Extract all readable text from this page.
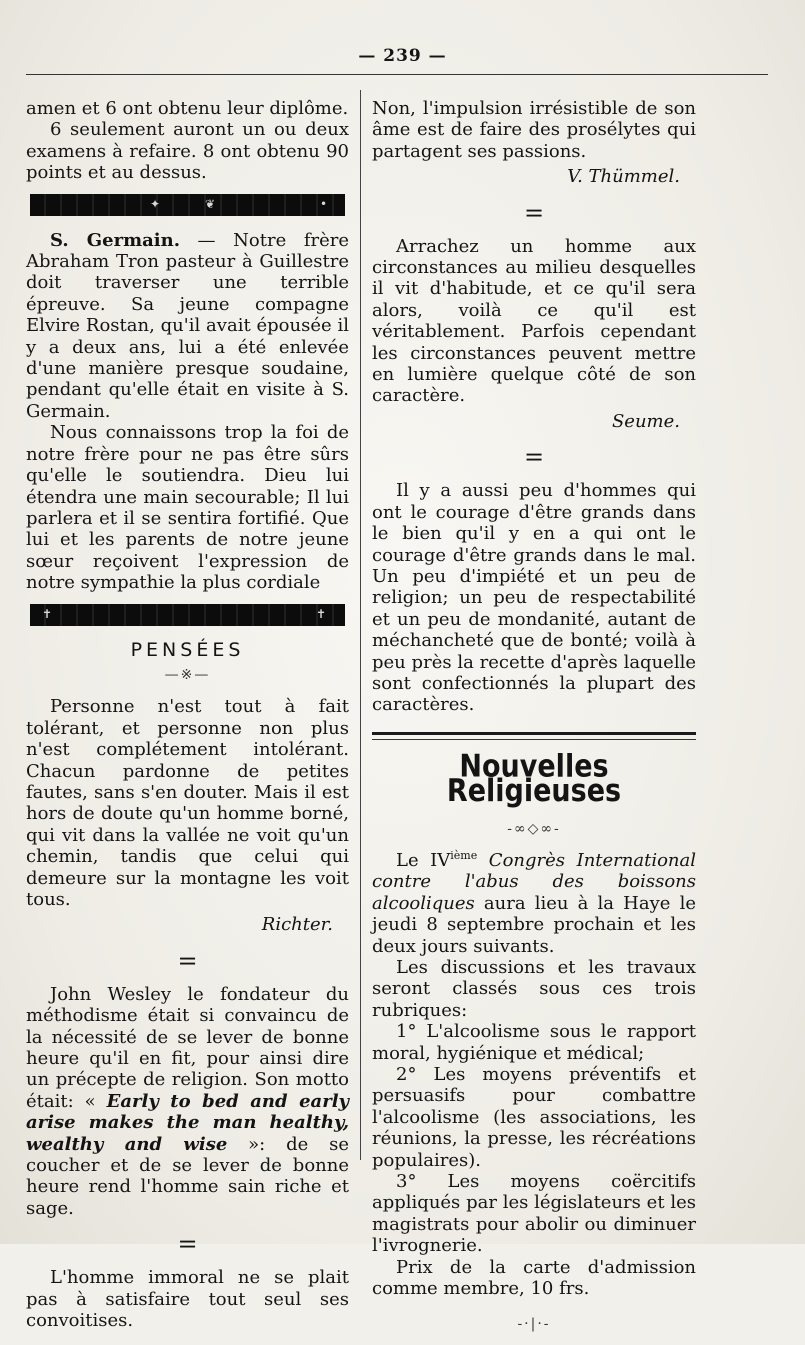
— 239 —

amen et 6 ont obtenu leur diplôme.

6 seulement auront un ou deux examens à refaire. 8 ont obtenu 90 points et au dessus.

✦	❦	•

S. Germain. — Notre frère Abraham Tron pasteur à Guillestre doit traverser une terrible épreuve. Sa jeune compagne Elvire Rostan, qu'il avait épousée il y a deux ans, lui a été enlevée d'une manière presque soudaine, pendant qu'elle était en visite à S. Germain.

Nous connaissons trop la foi de notre frère pour ne pas être sûrs qu'elle le soutiendra. Dieu lui étendra une main secourable; Il lui parlera et il se sentira fortifié. Que lui et les parents de notre jeune sœur reçoivent l'expression de notre sympathie la plus cordiale

✝	✝
PENSÉES
—※—

Personne n'est tout à fait tolérant, et personne non plus n'est complétement intolérant. Chacun pardonne de petites fautes, sans s'en douter. Mais il est hors de doute qu'un homme borné, qui vit dans la vallée ne voit qu'un chemin, tandis que celui qui demeure sur la montagne les voit tous.

Richter.
=

John Wesley le fondateur du méthodisme était si convaincu de la nécessité de se lever de bonne heure qu'il en fit, pour ainsi dire un précepte de religion. Son motto était: « Early to bed and early arise makes the man healthy, wealthy and wise »: de se coucher et de se lever de bonne heure rend l'homme sain riche et sage.

=

L'homme immoral ne se plait pas à satisfaire tout seul ses convoitises.

Non, l'impulsion irrésistible de son âme est de faire des prosélytes qui partagent ses passions.

V. Thümmel.
=

Arrachez un homme aux circonstances au milieu desquelles il vit d'habitude, et ce qu'il sera alors, voilà ce qu'il est véritablement. Parfois cependant les circonstances peuvent mettre en lumière quelque côté de son caractère.

Seume.
=

Il y a aussi peu d'hommes qui ont le courage d'être grands dans le bien qu'il y en a qui ont le courage d'être grands dans le mal. Un peu d'impiété et un peu de religion; un peu de respectabilité et un peu de mondanité, autant de méchancheté que de bonté; voilà à peu près la recette d'après laquelle sont confectionnés la plupart des caractères.

Nouvelles Religieuses
-∞◇∞-

Le IVième Congrès International contre l'abus des boissons alcooliques aura lieu à la Haye le jeudi 8 septembre prochain et les deux jours suivants.

Les discussions et les travaux seront classés sous ces trois rubriques:

1° L'alcoolisme sous le rapport moral, hygiénique et médical;

2° Les moyens préventifs et persuasifs pour combattre l'alcoolisme (les associations, les réunions, la presse, les récréations populaires).

3° Les moyens coërcitifs appliqués par les législateurs et les magistrats pour abolir ou diminuer l'ivrognerie.

Prix de la carte d'admission comme membre, 10 frs.

-·|·-
